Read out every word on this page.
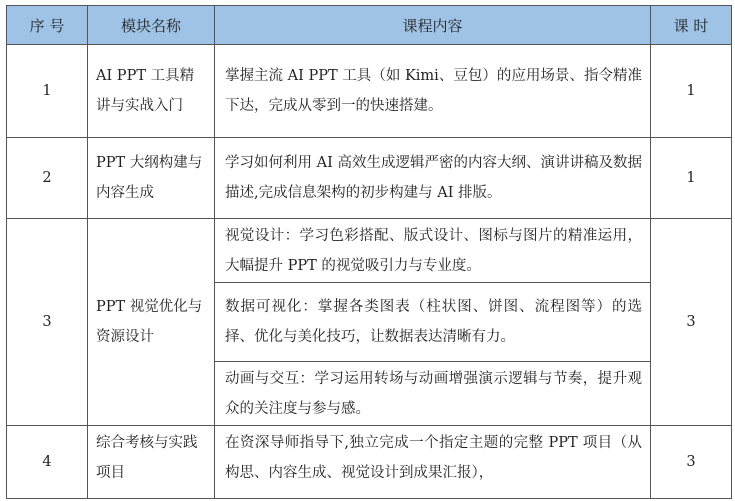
序 号	模块名称	课程内容	课 时
1	AI PPT 工具精讲与实战入门	掌握主流 AI PPT 工具（如 Kimi、豆包）的应用场景、指令精准下达，完成从零到一的快速搭建。	1
2	PPT 大纲构建与内容生成	学习如何利用 AI 高效生成逻辑严密的内容大纲、演讲讲稿及数据描述,完成信息架构的初步构建与 AI 排版。	1
3	PPT 视觉优化与资源设计	视觉设计：学习色彩搭配、版式设计、图标与图片的精准运用，大幅提升 PPT 的视觉吸引力与专业度。	3
		数据可视化：掌握各类图表（柱状图、饼图、流程图等）的选择、优化与美化技巧，让数据表达清晰有力。	
		动画与交互：学习运用转场与动画增强演示逻辑与节奏，提升观众的关注度与参与感。	
4	综合考核与实践项目	在资深导师指导下,独立完成一个指定主题的完整 PPT 项目（从构思、内容生成、视觉设计到成果汇报），	3
